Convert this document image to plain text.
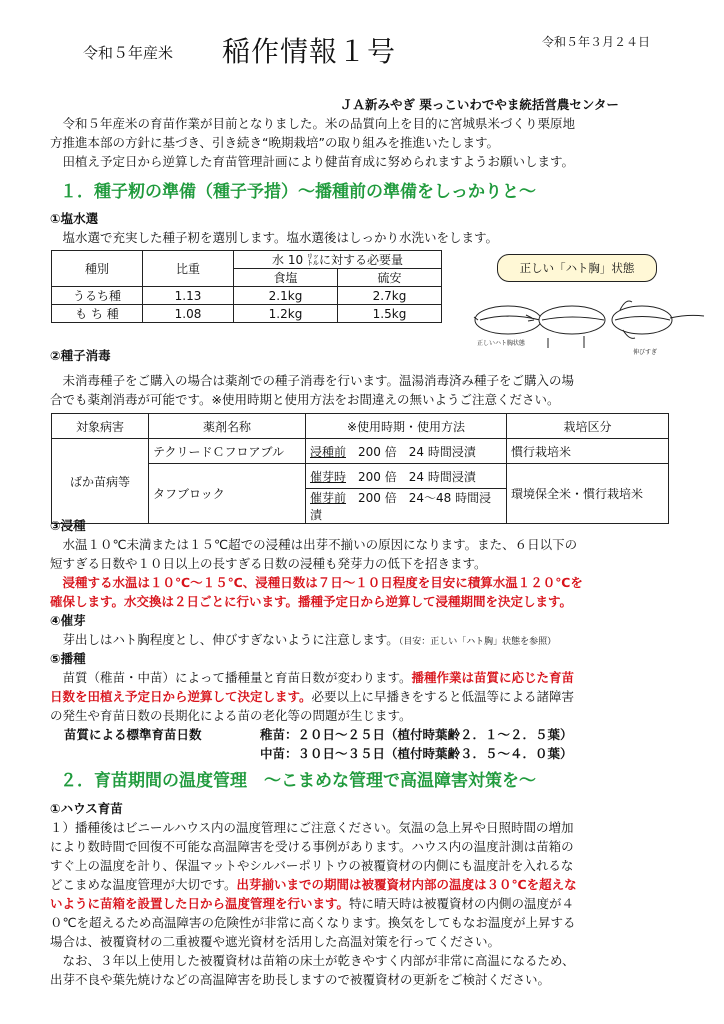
令和５年産米 稲作情報１号	令和５年３月２４日
ＪＡ新みやぎ 栗っこいわでやま統括営農センター
令和５年産米の育苗作業が目前となりました。米の品質向上を目的に宮城県米づくり栗原地
方推進本部の方針に基づき、引き続き“晩期栽培”の取り組みを推進いたします。
田植え予定日から逆算した育苗管理計画により健苗育成に努められますようお願いします。
１．種子籾の準備（種子予措）～播種前の準備をしっかりと～
①塩水選
塩水選で充実した種子籾を選別します。塩水選後はしっかり水洗いをします。
種別	比重	水 10 ㍑に対する必要量	
		食塩	硫安
うるち種	1.13	2.1kg	2.7kg
も ち 種	1.08	1.2kg	1.5kg
正しい「ハト胸」状態
正しいハト胸状態
伸びすぎ
②種子消毒
未消毒種子をご購入の場合は薬剤での種子消毒を行います。温湯消毒済み種子をご購入の場
合でも薬剤消毒が可能です。※使用時期と使用方法をお間違えの無いようご注意ください。
対象病害	薬剤名称	※使用時期・使用方法	栽培区分
ばか苗病等	テクリードＣフロアブル	浸種前　 200 倍　24 時間浸漬	慣行栽培米
	タフブロック	催芽時　 200 倍　24 時間浸漬	環境保全米・慣行栽培米
		催芽前　 200 倍　24～48 時間浸漬	
③浸種
水温１０℃未満または１５℃超での浸種は出芽不揃いの原因になります。また、６日以下の
短すぎる日数や１０日以上の長すぎる日数の浸種も発芽力の低下を招きます。
浸種する水温は１０℃～１５℃、浸種日数は７日～１０日程度を目安に積算水温１２０℃を
確保します。水交換は２日ごとに行います。播種予定日から逆算して浸種期間を決定します。
④催芽
芽出しはハト胸程度とし、伸びすぎないように注意します。（目安：正しい「ハト胸」状態を参照）
⑤播種
苗質（稚苗・中苗）によって播種量と育苗日数が変わります。播種作業は苗質に応じた育苗
日数を田植え予定日から逆算して決定します。必要以上に早播きをすると低温等による諸障害
の発生や育苗日数の長期化による苗の老化等の問題が生じます。
苗質による標準育苗日数	稚苗：２０日～２５日（植付時葉齢２．１～２．５葉）
中苗：３０日～３５日（植付時葉齢３．５～４．０葉）
２．育苗期間の温度管理　～こまめな管理で高温障害対策を～
①ハウス育苗
１）播種後はビニールハウス内の温度管理にご注意ください。気温の急上昇や日照時間の増加
により数時間で回復不可能な高温障害を受ける事例があります。ハウス内の温度計測は苗箱の
すぐ上の温度を計り、保温マットやシルバーポリトウの被覆資材の内側にも温度計を入れるな
どこまめな温度管理が大切です。出芽揃いまでの期間は被覆資材内部の温度は３０℃を超えな
いように苗箱を設置した日から温度管理を行います。特に晴天時は被覆資材の内側の温度が４
０℃を超えるため高温障害の危険性が非常に高くなります。換気をしてもなお温度が上昇する
場合は、被覆資材の二重被覆や遮光資材を活用した高温対策を行ってください。
なお、３年以上使用した被覆資材は苗箱の床土が乾きやすく内部が非常に高温になるため、
出芽不良や葉先焼けなどの高温障害を助長しますので被覆資材の更新をご検討ください。
